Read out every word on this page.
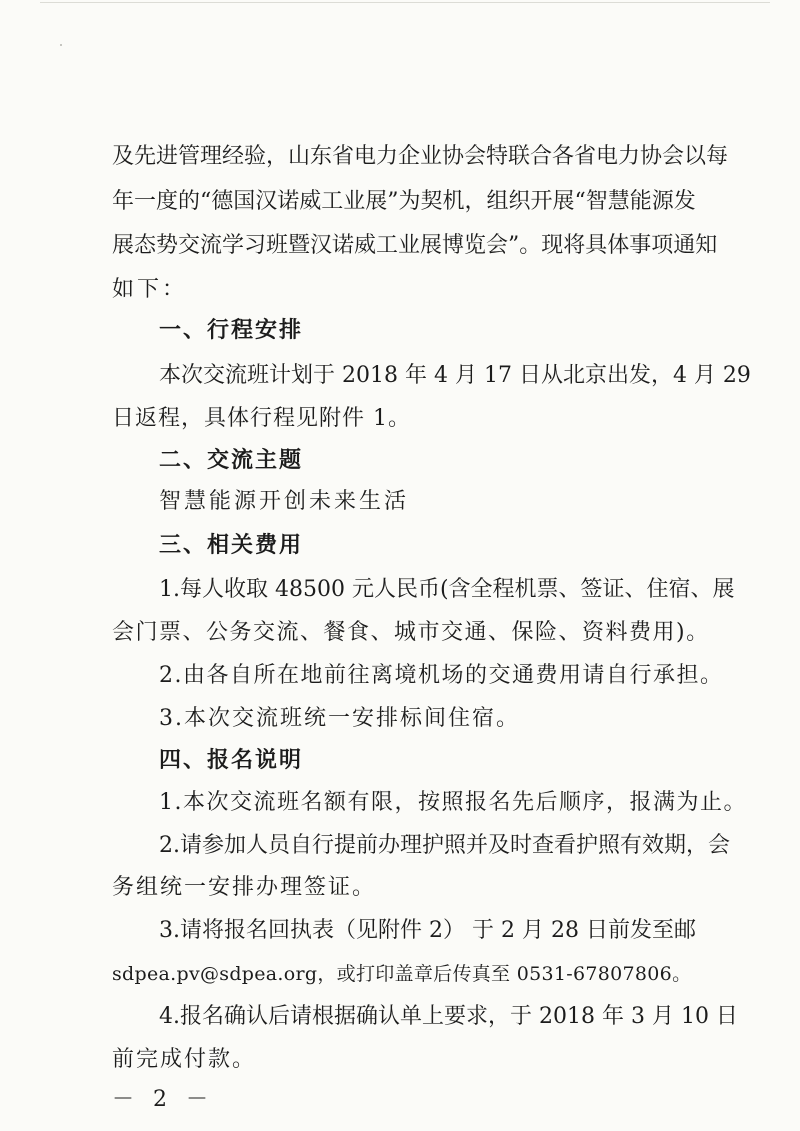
及先进管理经验，山东省电力企业协会特联合各省电力协会以每
年一度的“德国汉诺威工业展”为契机，组织开展“智慧能源发
展态势交流学习班暨汉诺威工业展博览会”。现将具体事项通知
如下：
一、行程安排
本次交流班计划于 2018 年 4 月 17 日从北京出发，4 月 29
日返程，具体行程见附件 1。
二、交流主题
智慧能源开创未来生活
三、相关费用
1.每人收取 48500 元人民币(含全程机票、签证、住宿、展
会门票、公务交流、餐食、城市交通、保险、资料费用)。
2.由各自所在地前往离境机场的交通费用请自行承担。
3.本次交流班统一安排标间住宿。
四、报名说明
1.本次交流班名额有限，按照报名先后顺序，报满为止。
2.请参加人员自行提前办理护照并及时查看护照有效期，会
务组统一安排办理签证。
3.请将报名回执表（见附件 2） 于 2 月 28 日前发至邮
sdpea.pv@sdpea.org，或打印盖章后传真至 0531-67807806。
4.报名确认后请根据确认单上要求，于 2018 年 3 月 10 日
前完成付款。
－ 2 －
